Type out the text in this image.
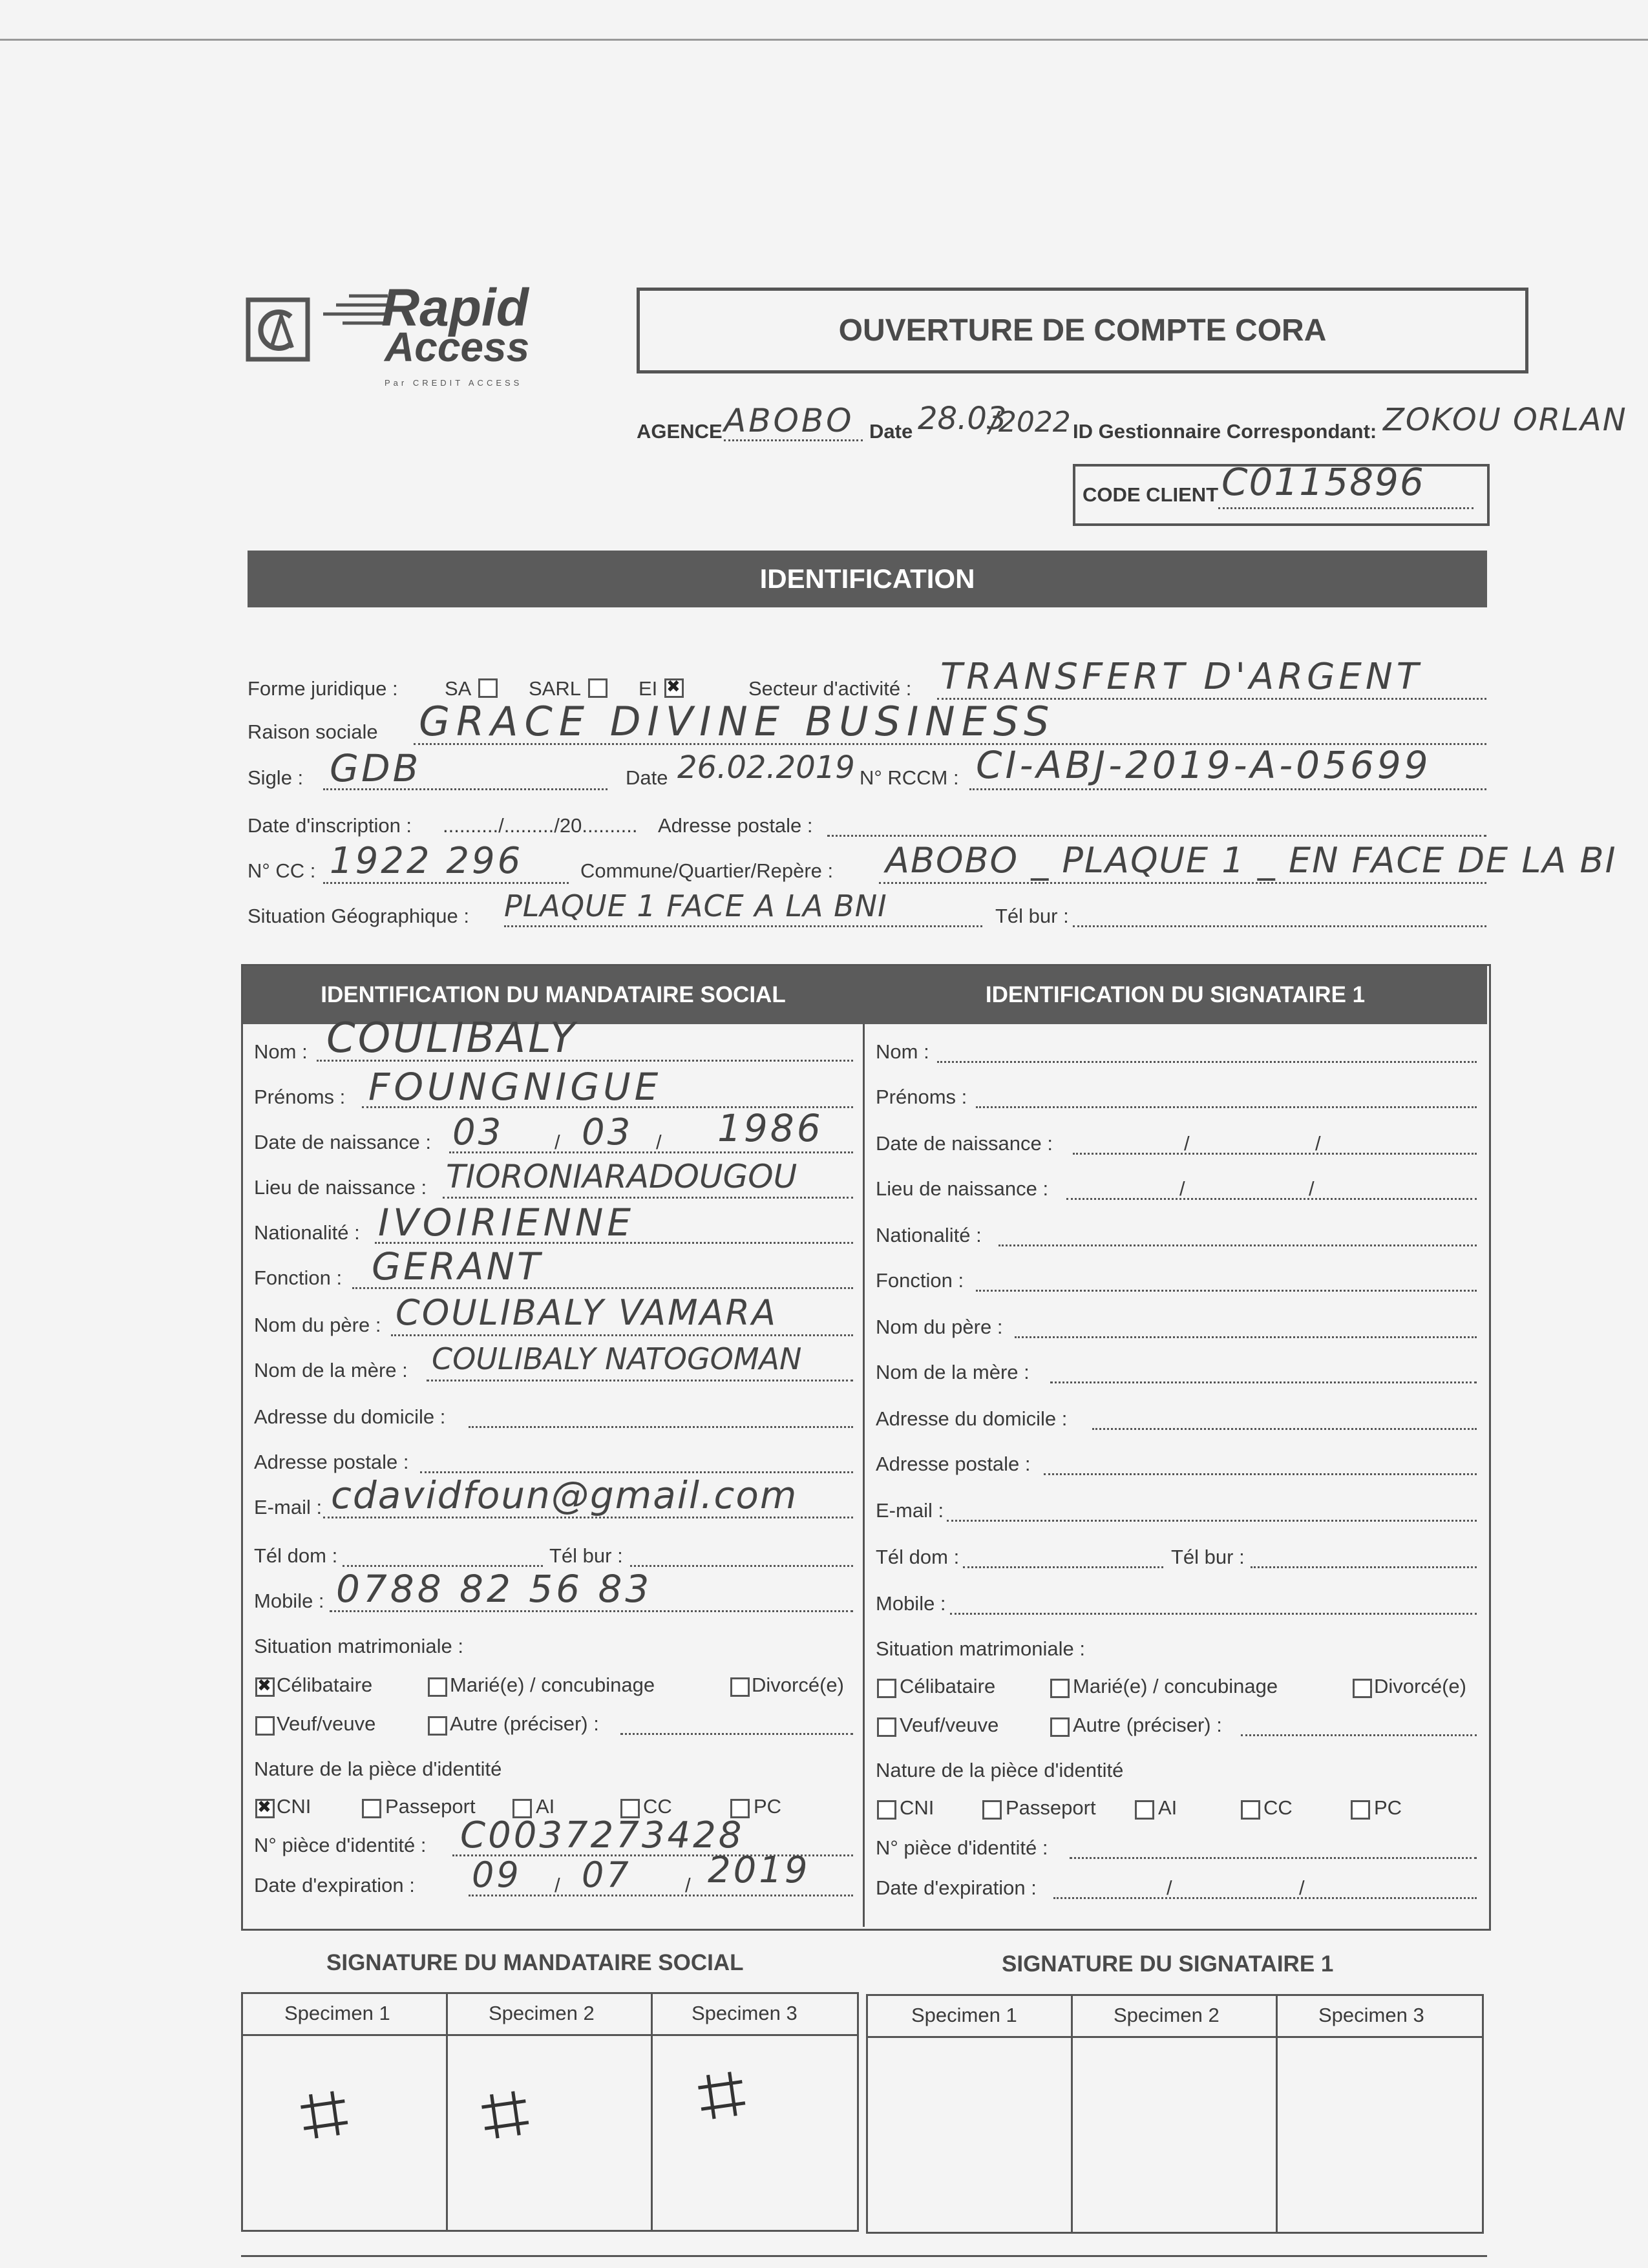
Rapid
Access
Par CREDIT ACCESS
OUVERTURE DE COMPTE CORA
AGENCE ABOBO Date 28.03
/2022 ID Gestionnaire Correspondant: ZOKOU ORLAN
CODE CLIENT C0115896
IDENTIFICATION
Forme juridique : SA	SARL	EI
✖	Secteur d'activité : TRANSFERT D'ARGENT
Raison sociale GRACE DIVINE BUSINESS
Sigle : GDB	Date 26.02.2019 N° RCCM : CI-ABJ-2019-A-05699
Date d'inscription : ........../........./20.......... Adresse postale :
N° CC : 1922 296	Commune/Quartier/Repère : ABOBO _ PLAQUE 1 _ EN FACE DE LA BI
Situation Géographique : PLAQUE 1 FACE A LA BNI	Tél bur :
IDENTIFICATION DU MANDATAIRE SOCIAL	IDENTIFICATION DU SIGNATAIRE 1
Nom : COULIBALY
Prénoms : FOUNGNIGUE
Date de naissance : 03	/ 03 / 1986
Lieu de naissance : TIORONIARADOUGOU
Nationalité : IVOIRIENNE
Fonction : GERANT
Nom du père : COULIBALY VAMARA
Nom de la mère : COULIBALY NATOGOMAN
Adresse du domicile :
Adresse postale :
E-mail : cdavidfoun@gmail.com
Tél dom :	Tél bur :
Mobile : 0788 82 56 83
Situation matrimoniale :
✖
Célibataire	Marié(e) / concubinage	Divorcé(e)
Veuf/veuve	Autre (préciser) :
Nature de la pièce d'identité
✖
CNI	Passeport	AI	CC	PC
N° pièce d'identité : C0037273428
Date d'expiration : 09 / 07	/ 2019
Nom :
Prénoms :
Date de naissance :	/	/
Lieu de naissance :	/	/
Nationalité :
Fonction :
Nom du père :
Nom de la mère :
Adresse du domicile :
Adresse postale :
E-mail :
Tél dom :	Tél bur :
Mobile :
Situation matrimoniale :
Célibataire	Marié(e) / concubinage	Divorcé(e)
Veuf/veuve	Autre (préciser) :
Nature de la pièce d'identité
CNI	Passeport	AI	CC	PC
N° pièce d'identité :
Date d'expiration :	/	/
SIGNATURE DU MANDATAIRE SOCIAL	SIGNATURE DU SIGNATAIRE 1
Specimen 1	Specimen 2	Specimen 3
⌗ ⌗ ⌗
Specimen 1	Specimen 2	Specimen 3
